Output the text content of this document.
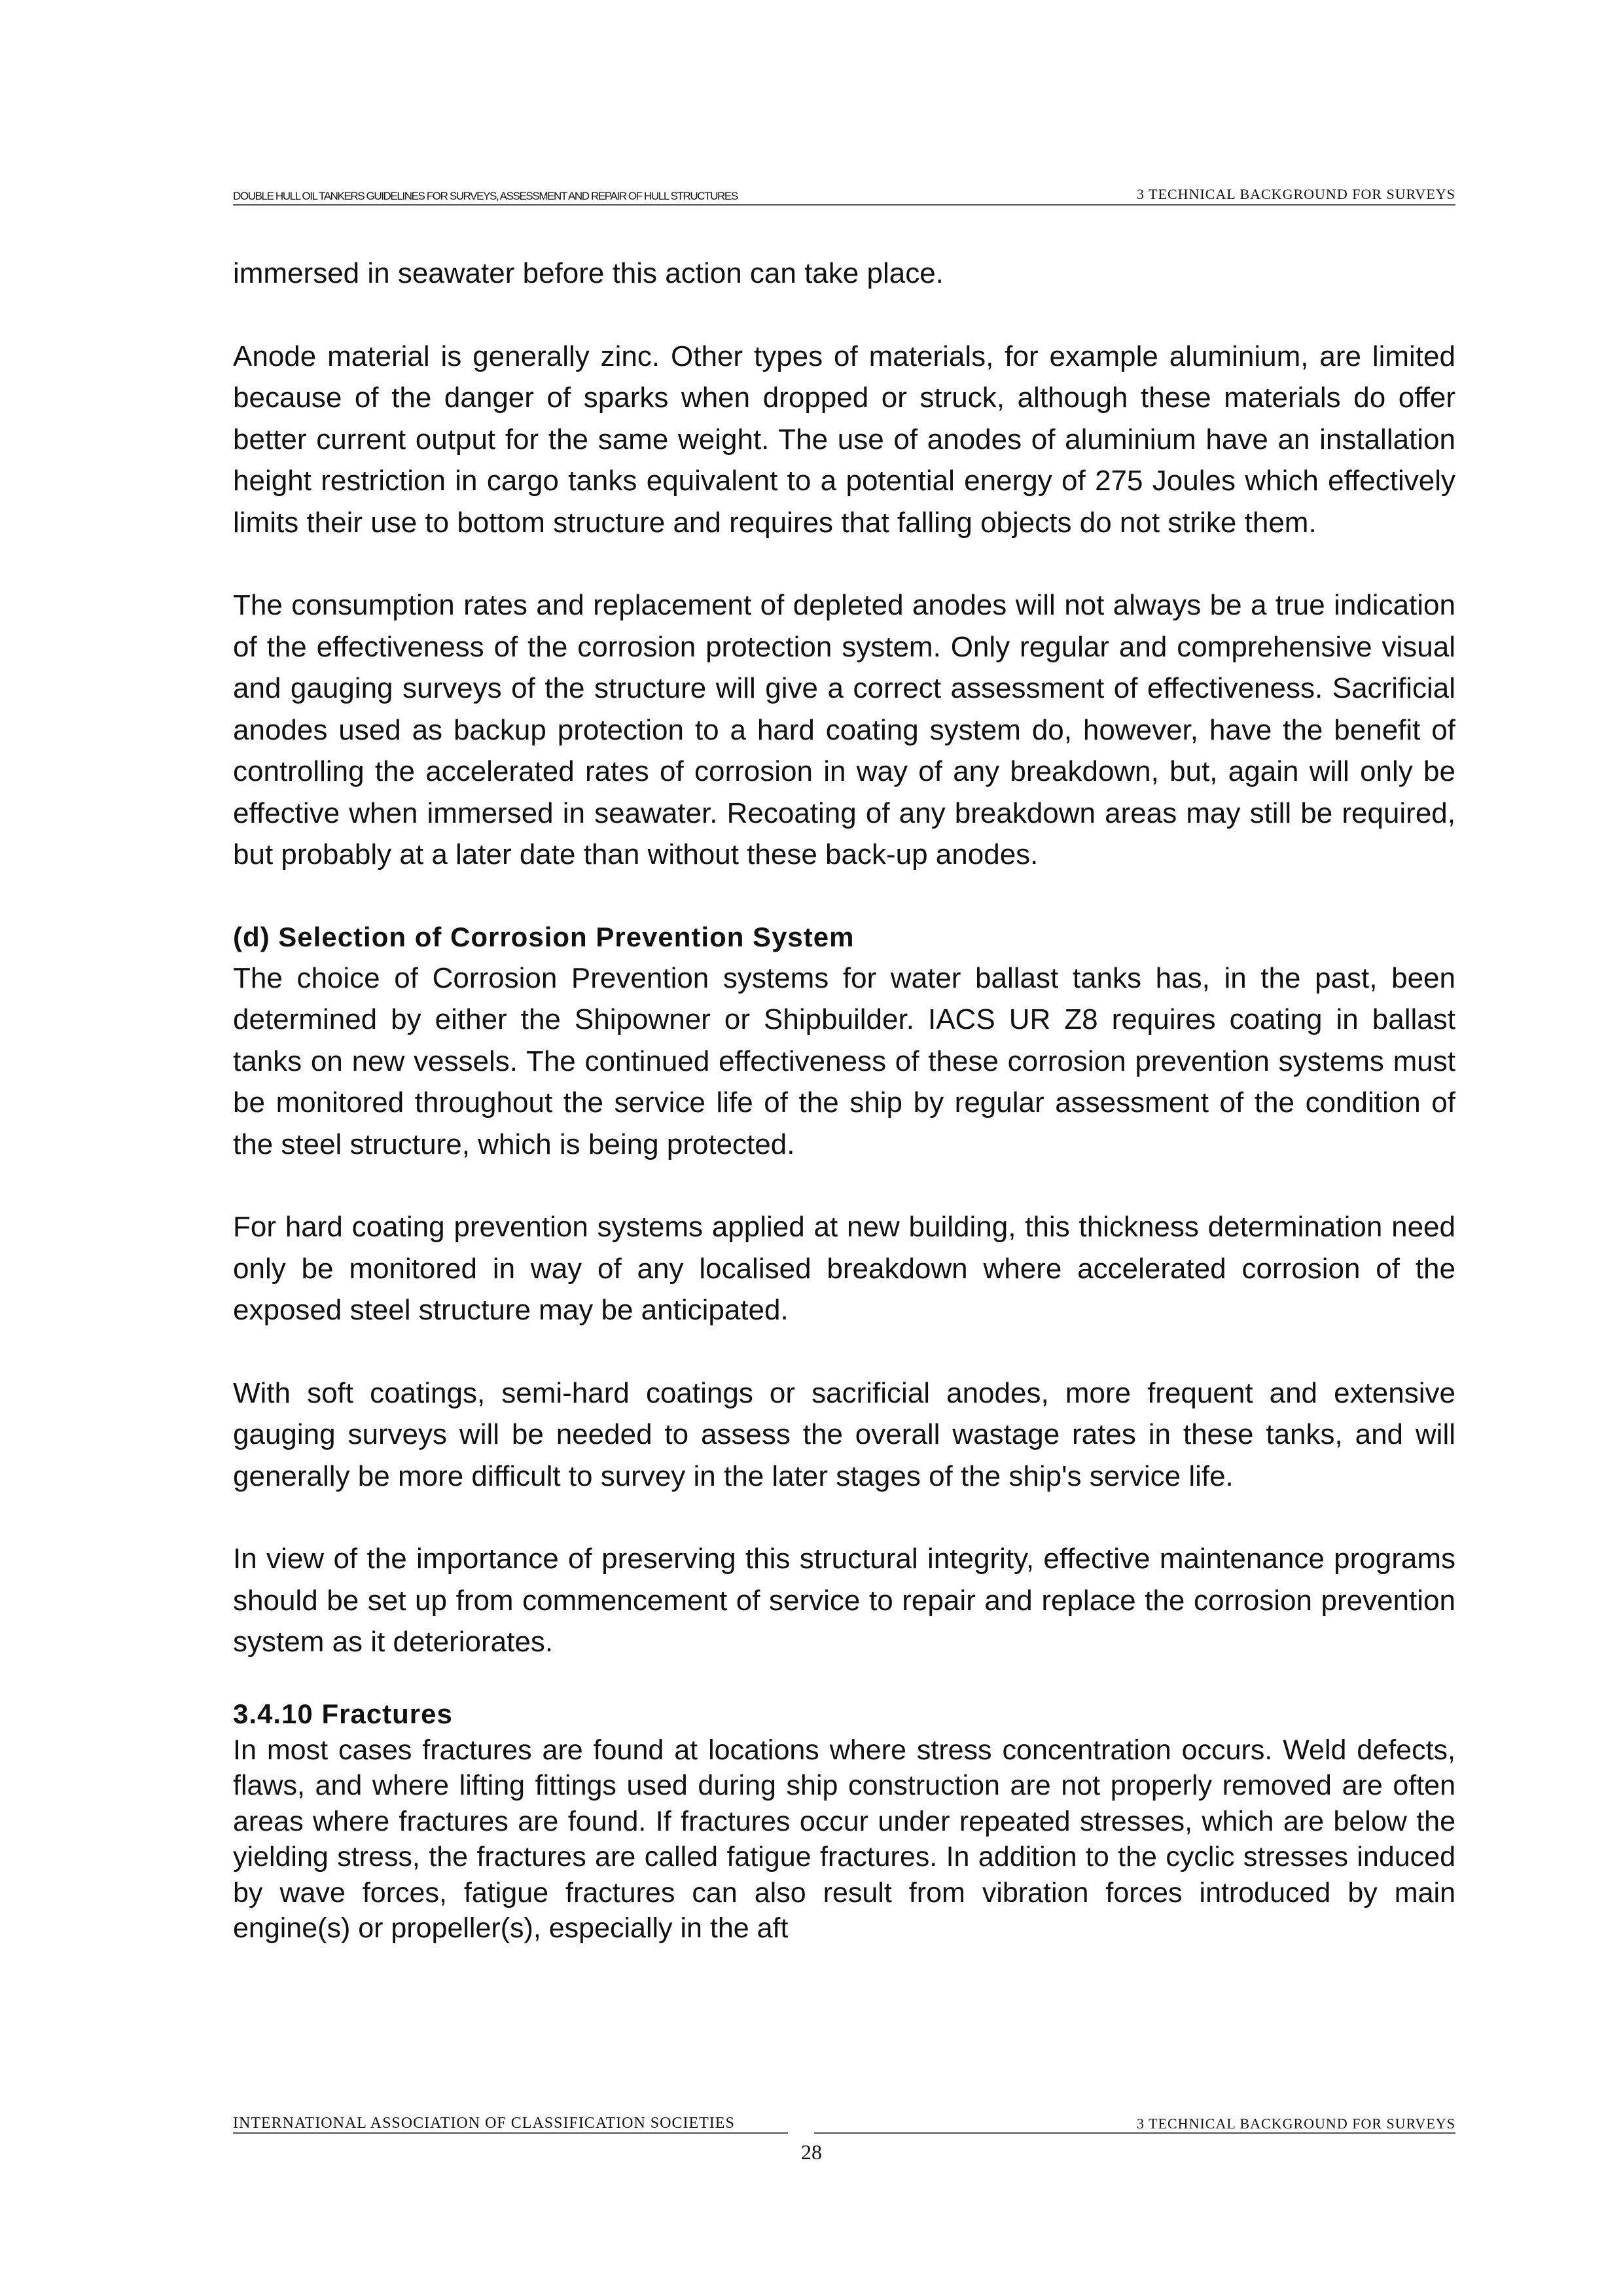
DOUBLE HULL OIL TANKERS GUIDELINES FOR SURVEYS, ASSESSMENT AND REPAIR OF HULL STRUCTURES	3 TECHNICAL BACKGROUND FOR SURVEYS

immersed in seawater before this action can take place.

Anode material is generally zinc. Other types of materials, for example aluminium, are limited because of the danger of sparks when dropped or struck, although these materials do offer better current output for the same weight. The use of anodes of aluminium have an installation height restriction in cargo tanks equivalent to a potential energy of 275 Joules which effectively limits their use to bottom structure and requires that falling objects do not strike them.

The consumption rates and replacement of depleted anodes will not always be a true indication of the effectiveness of the corrosion protection system. Only regular and comprehensive visual and gauging surveys of the structure will give a correct assessment of effectiveness. Sacrificial anodes used as backup protection to a hard coating system do, however, have the benefit of controlling the accelerated rates of corrosion in way of any breakdown, but, again will only be effective when immersed in seawater. Recoating of any breakdown areas may still be required, but probably at a later date than without these back-up anodes.

(d) Selection of Corrosion Prevention System

The choice of Corrosion Prevention systems for water ballast tanks has, in the past, been determined by either the Shipowner or Shipbuilder. IACS UR Z8 requires coating in ballast tanks on new vessels. The continued effectiveness of these corrosion prevention systems must be monitored throughout the service life of the ship by regular assessment of the condition of the steel structure, which is being protected.

For hard coating prevention systems applied at new building, this thickness determination need only be monitored in way of any localised breakdown where accelerated corrosion of the exposed steel structure may be anticipated.

With soft coatings, semi-hard coatings or sacrificial anodes, more frequent and extensive gauging surveys will be needed to assess the overall wastage rates in these tanks, and will generally be more difficult to survey in the later stages of the ship's service life.

In view of the importance of preserving this structural integrity, effective maintenance programs should be set up from commencement of service to repair and replace the corrosion prevention system as it deteriorates.

3.4.10 Fractures

In most cases fractures are found at locations where stress concentration occurs. Weld defects, flaws, and where lifting fittings used during ship construction are not properly removed are often areas where fractures are found. If fractures occur under repeated stresses, which are below the yielding stress, the fractures are called fatigue fractures. In addition to the cyclic stresses induced by wave forces, fatigue fractures can also result from vibration forces introduced by main engine(s) or propeller(s), especially in the aft

INTERNATIONAL ASSOCIATION OF CLASSIFICATION SOCIETIES	3 TECHNICAL BACKGROUND FOR SURVEYS
28
